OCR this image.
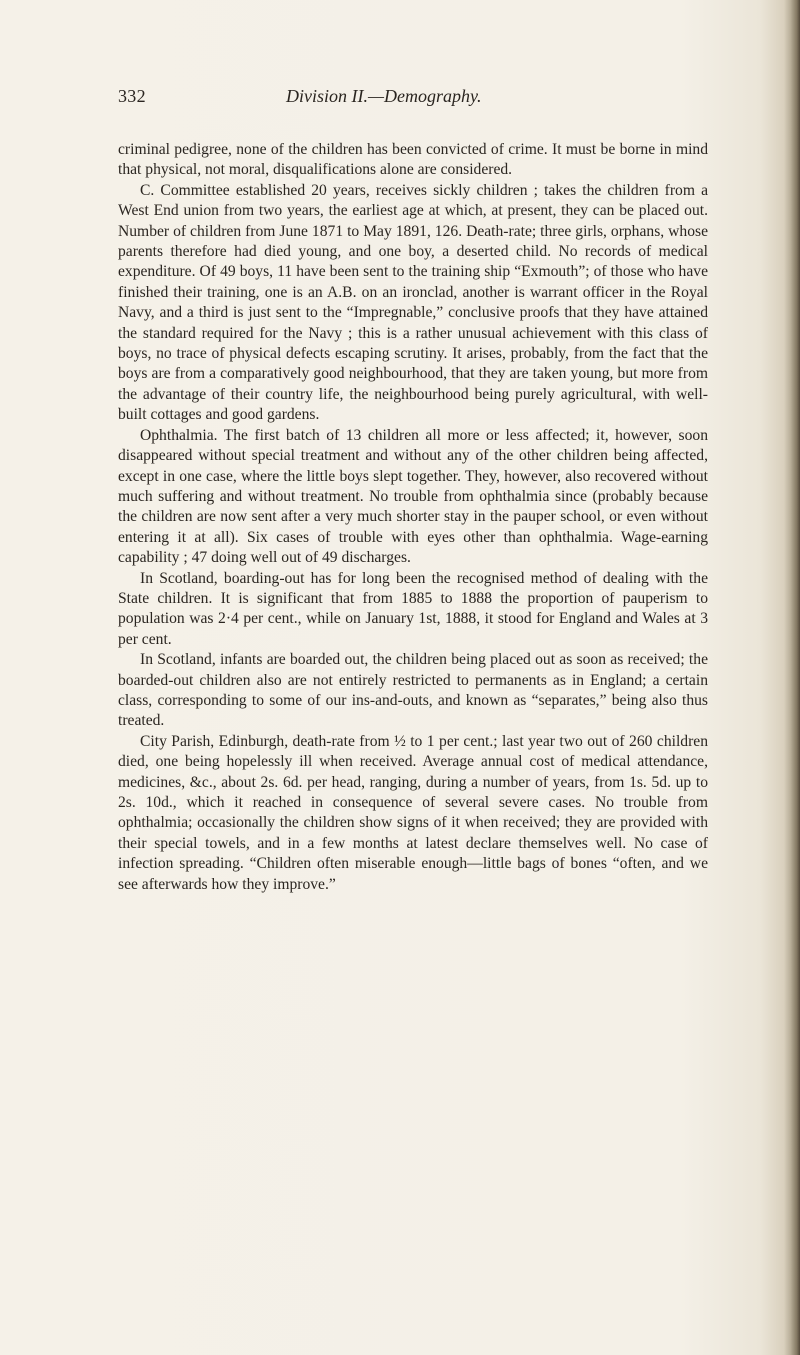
332	Division II.—Demography.

criminal pedigree, none of the children has been convicted of crime. It must be borne in mind that physical, not moral, disqualifications alone are considered.

C. Committee established 20 years, receives sickly children ; takes the children from a West End union from two years, the earliest age at which, at present, they can be placed out. Number of children from June 1871 to May 1891, 126. Death-rate; three girls, orphans, whose parents therefore had died young, and one boy, a deserted child. No records of medical expenditure. Of 49 boys, 11 have been sent to the training ship “Exmouth”; of those who have finished their training, one is an A.B. on an ironclad, another is warrant officer in the Royal Navy, and a third is just sent to the “Impregnable,” conclusive proofs that they have attained the standard required for the Navy ; this is a rather unusual achievement with this class of boys, no trace of physical defects escaping scrutiny. It arises, probably, from the fact that the boys are from a comparatively good neighbourhood, that they are taken young, but more from the advantage of their country life, the neighbourhood being purely agricultural, with well-built cottages and good gardens.

Ophthalmia. The first batch of 13 children all more or less affected; it, however, soon disappeared without special treatment and without any of the other children being affected, except in one case, where the little boys slept together. They, however, also recovered without much suffering and without treatment. No trouble from ophthalmia since (probably because the children are now sent after a very much shorter stay in the pauper school, or even without entering it at all). Six cases of trouble with eyes other than ophthalmia. Wage-earning capability ; 47 doing well out of 49 discharges.

In Scotland, boarding-out has for long been the recognised method of dealing with the State children. It is significant that from 1885 to 1888 the proportion of pauperism to population was 2·4 per cent., while on January 1st, 1888, it stood for England and Wales at 3 per cent.

In Scotland, infants are boarded out, the children being placed out as soon as received; the boarded-out children also are not entirely restricted to permanents as in England; a certain class, corresponding to some of our ins-and-outs, and known as “separates,” being also thus treated.

City Parish, Edinburgh, death-rate from ½ to 1 per cent.; last year two out of 260 children died, one being hopelessly ill when received. Average annual cost of medical attendance, medicines, &c., about 2s. 6d. per head, ranging, during a number of years, from 1s. 5d. up to 2s. 10d., which it reached in consequence of several severe cases. No trouble from ophthalmia; occasionally the children show signs of it when received; they are provided with their special towels, and in a few months at latest declare themselves well. No case of infection spreading. “Children often miserable enough—little bags of bones “often, and we see afterwards how they improve.”
